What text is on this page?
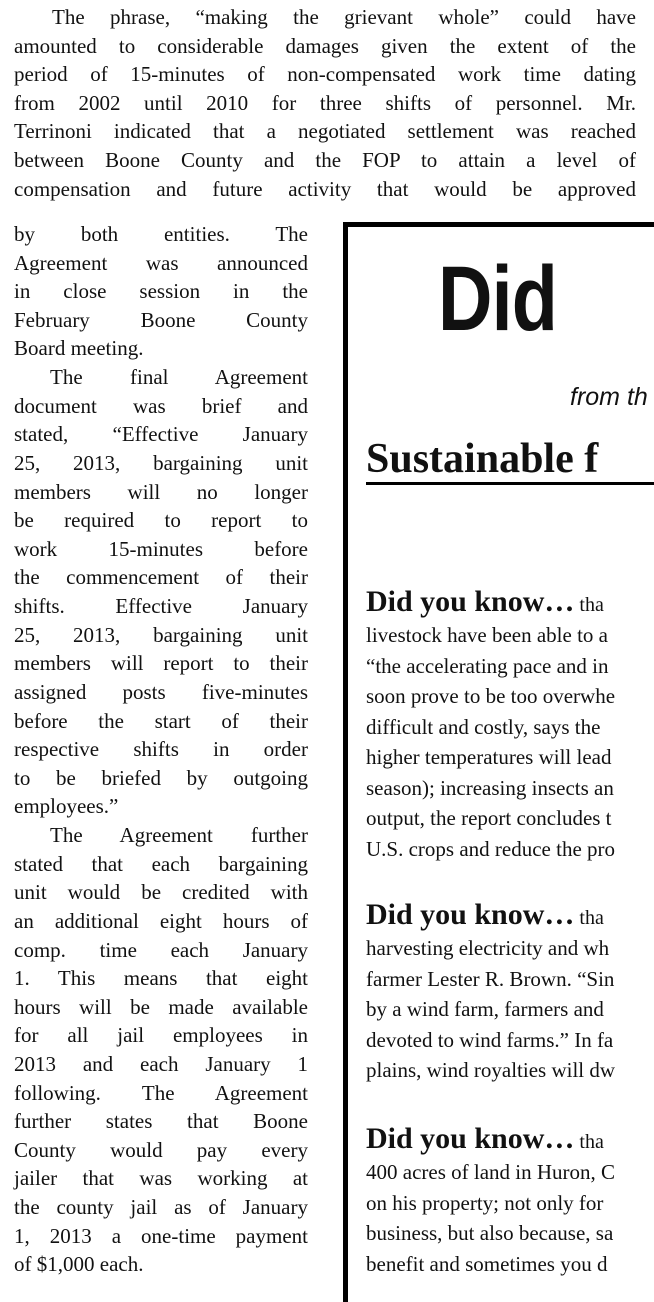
The phrase, “making the grievant whole” could have
amounted to considerable damages given the extent of the
period of 15-minutes of non-compensated work time dating
from 2002 until 2010 for three shifts of personnel. Mr.
Terrinoni indicated that a negotiated settlement was reached
between Boone County and the FOP to attain a level of
compensation and future activity that would be approved
by both entities. The
Agreement was announced
in close session in the
February Boone County
Board meeting.
The final Agreement
document was brief and
stated, “Effective January
25, 2013, bargaining unit
members will no longer
be required to report to
work 15-minutes before
the commencement of their
shifts. Effective January
25, 2013, bargaining unit
members will report to their
assigned posts five-minutes
before the start of their
respective shifts in order
to be briefed by outgoing
employees.”
The Agreement further
stated that each bargaining
unit would be credited with
an additional eight hours of
comp. time each January
1. This means that eight
hours will be made available
for all jail employees in
2013 and each January 1
following. The Agreement
further states that Boone
County would pay every
jailer that was working at
the county jail as of January
1, 2013 a one-time payment
of $1,000 each.
Did
from th
Sustainable f
Did you know… tha
livestock have been able to a
“the accelerating pace and in
soon prove to be too overwhe
difficult and costly, says the
higher temperatures will lead
season); increasing insects an
output, the report concludes t
U.S. crops and reduce the pro
Did you know… tha
harvesting electricity and wh
farmer Lester R. Brown. “Sin
by a wind farm, farmers and
devoted to wind farms.” In fa
plains, wind royalties will dw
Did you know… tha
400 acres of land in Huron, C
on his property; not only for
business, but also because, sa
benefit and sometimes you d
